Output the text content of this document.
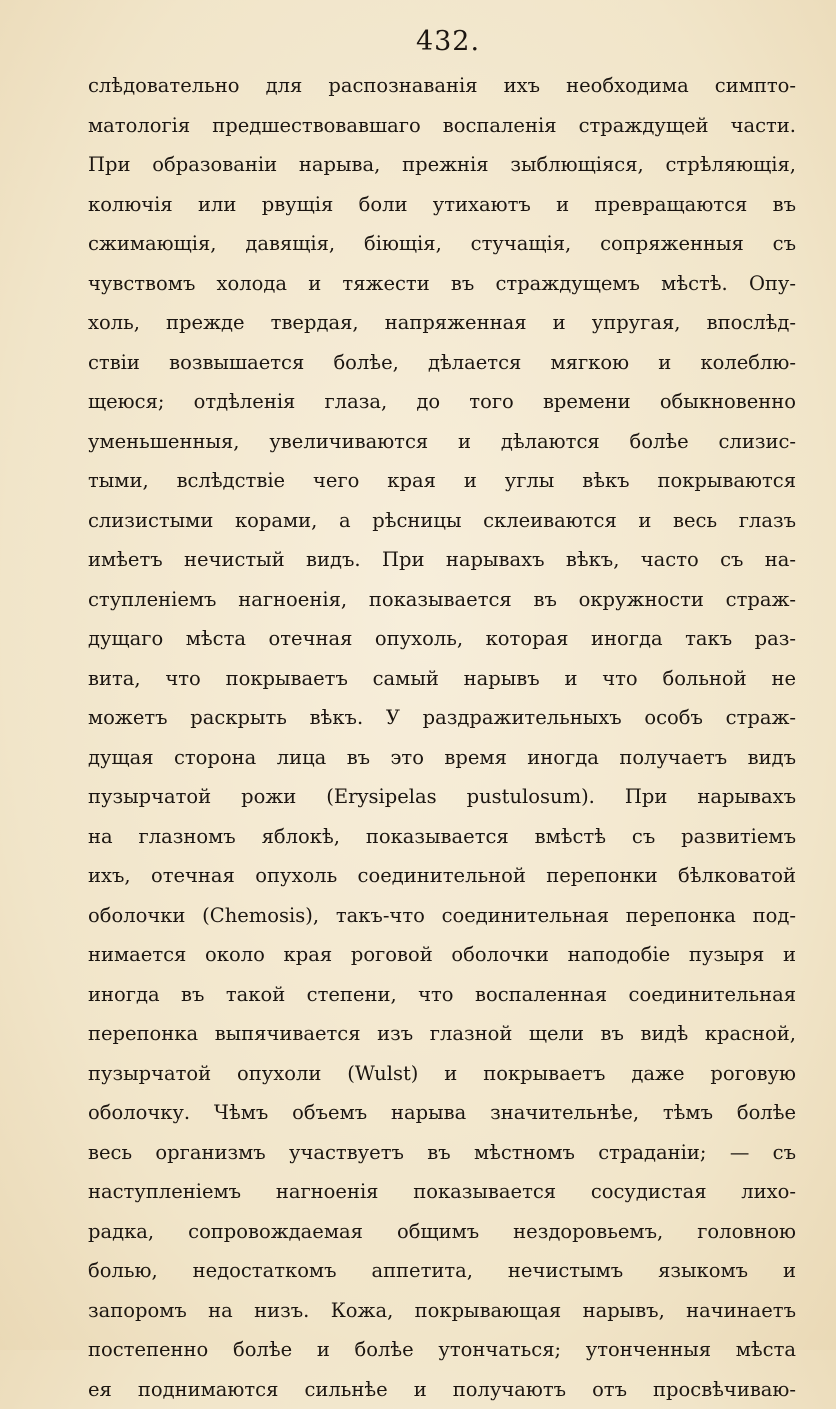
432.
слѣдовательно для распознаванія ихъ необходима симпто-
матологія предшествовавшаго воспаленія страждущей части.
При образованіи нарыва, прежнія зыблющіяся, стрѣляющія,
колючія или рвущія боли утихаютъ и превращаются въ
сжимающія, давящія, біющія, стучащія, сопряженныя съ
чувствомъ холода и тяжести въ страждущемъ мѣстѣ. Опу-
холь, прежде твердая, напряженная и упругая, впослѣд-
ствіи возвышается болѣе, дѣлается мягкою и колеблю-
щеюся; отдѣленія глаза, до того времени обыкновенно
уменьшенныя, увеличиваются и дѣлаются болѣе слизис-
тыми, вслѣдствіе чего края и углы вѣкъ покрываются
слизистыми корами, а рѣсницы склеиваются и весь глазъ
имѣетъ нечистый видъ. При нарывахъ вѣкъ, часто съ на-
ступленіемъ нагноенія, показывается въ окружности страж-
дущаго мѣста отечная опухоль, которая иногда такъ раз-
вита, что покрываетъ самый нарывъ и что больной не
можетъ раскрыть вѣкъ. У раздражительныхъ особъ страж-
дущая сторона лица въ это время иногда получаетъ видъ
пузырчатой рожи (Erysipelas pustulosum). При нарывахъ
на глазномъ яблокѣ, показывается вмѣстѣ съ развитіемъ
ихъ, отечная опухоль соединительной перепонки бѣлковатой
оболочки (Chemosis), такъ-что соединительная перепонка под-
нимается около края роговой оболочки наподобіе пузыря и
иногда въ такой степени, что воспаленная соединительная
перепонка выпячивается изъ глазной щели въ видѣ красной,
пузырчатой опухоли (Wulst) и покрываетъ даже роговую
оболочку. Чѣмъ объемъ нарыва значительнѣе, тѣмъ болѣе
весь организмъ участвуетъ въ мѣстномъ страданіи; — съ
наступленіемъ нагноенія показывается сосудистая лихо-
радка, сопровождаемая общимъ нездоровьемъ, головною
болью, недостаткомъ аппетита, нечистымъ языкомъ и
запоромъ на низъ. Кожа, покрывающая нарывъ, начинаетъ
постепенно болѣе и болѣе утончаться; утонченныя мѣста
ея поднимаются сильнѣе и получаютъ отъ просвѣчиваю-
